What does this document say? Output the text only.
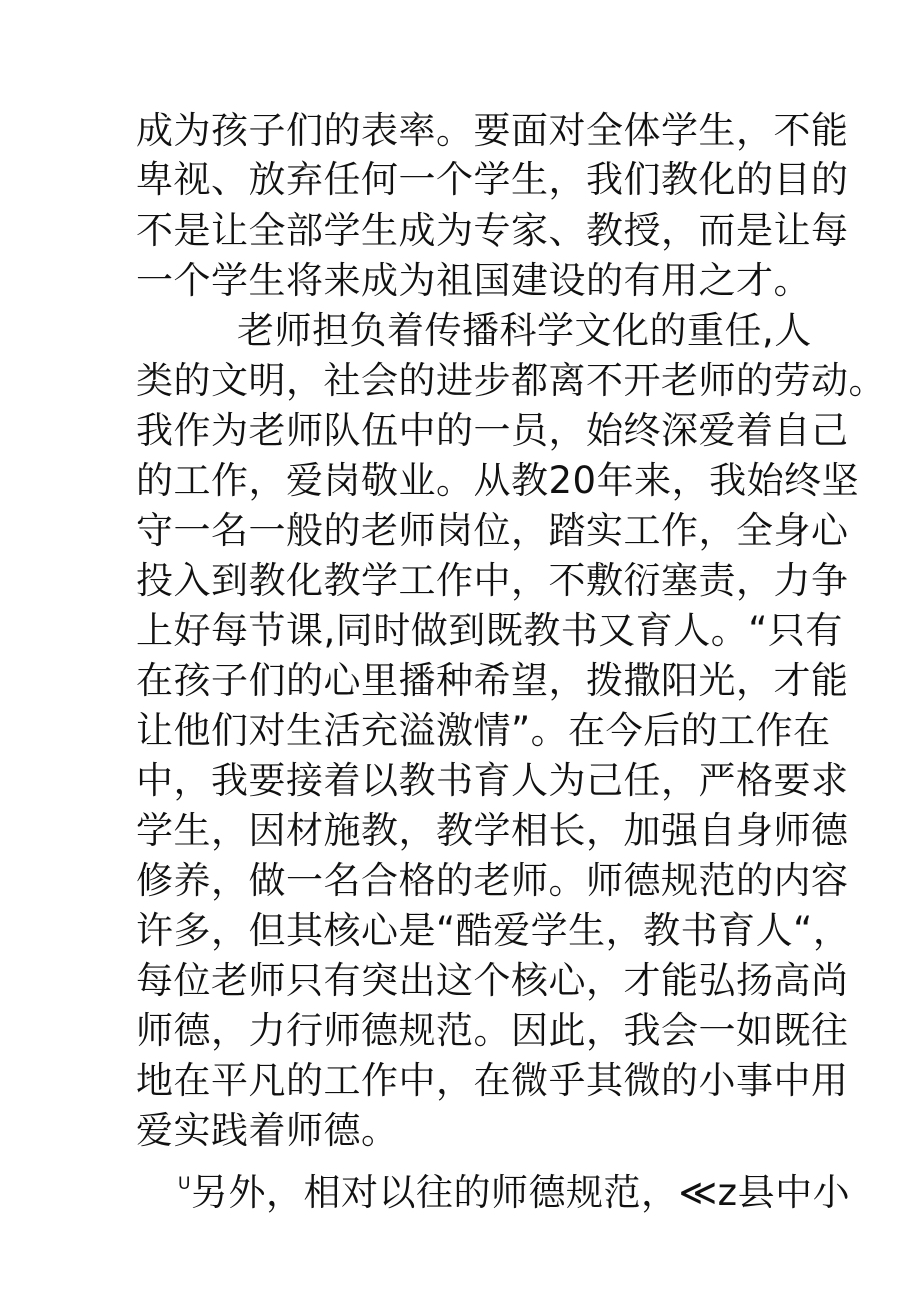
成为孩子们的表率。要面对全体学生，不能
卑视、放弃任何一个学生，我们教化的目的
不是让全部学生成为专家、教授，而是让每
一个学生将来成为祖国建设的有用之才。
老师担负着传播科学文化的重任,人
类的文明，社会的进步都离不开老师的劳动。
我作为老师队伍中的一员，始终深爱着自己
的工作，爱岗敬业。从教20年来，我始终坚
守一名一般的老师岗位，踏实工作，全身心
投入到教化教学工作中，不敷衍塞责，力争
上好每节课,同时做到既教书又育人。“只有
在孩子们的心里播种希望，拨撒阳光，才能
让他们对生活充溢激情”。在今后的工作在
中，我要接着以教书育人为己任，严格要求
学生，因材施教，教学相长，加强自身师德
修养，做一名合格的老师。师德规范的内容
许多，但其核心是“酷爱学生，教书育人“，
每位老师只有突出这个核心，才能弘扬高尚
师德，力行师德规范。因此，我会一如既往
地在平凡的工作中，在微乎其微的小事中用
爱实践着师德。
$^U$另外，相对以往的师德规范，≪z县中小
